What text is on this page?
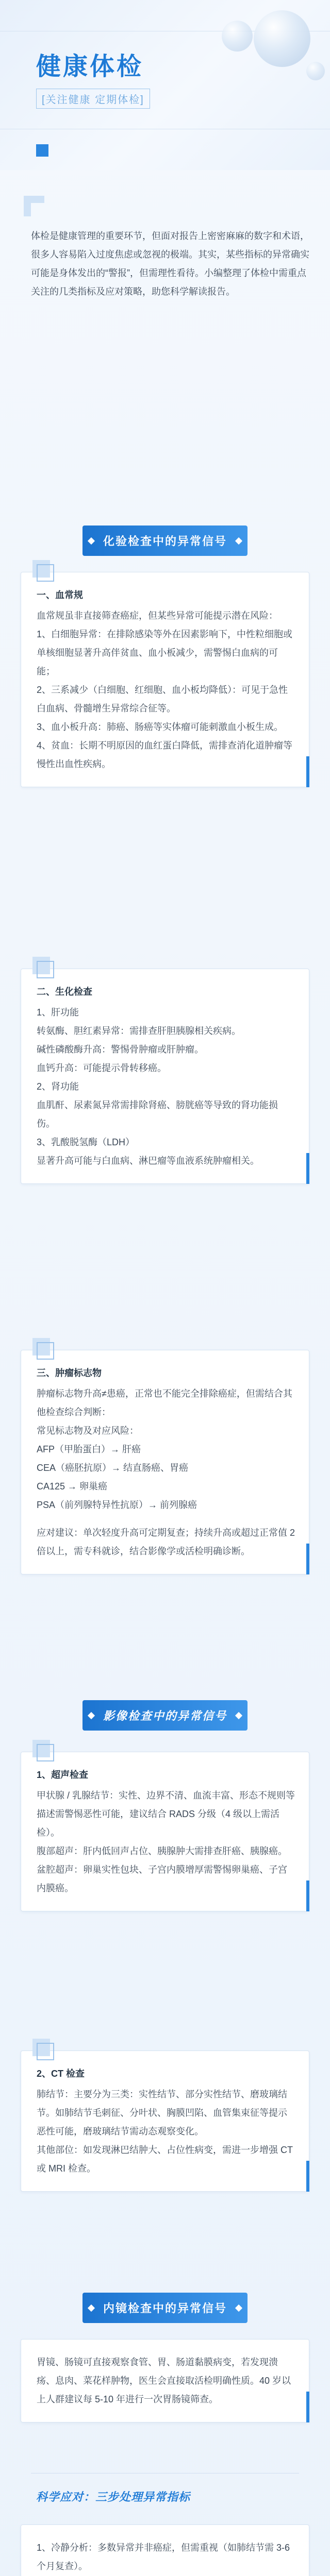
健康体检
[关注健康 定期体检]
体检是健康管理的重要环节，但面对报告上密密麻麻的数字和术语，很多人容易陷入过度焦虑或忽视的极端。其实，某些指标的异常确实可能是身体发出的“警报”，但需理性看待。小编整理了体检中需重点关注的几类指标及应对策略，助您科学解读报告。
化验检查中的异常信号
一、血常规

血常规虽非直接筛查癌症，但某些异常可能提示潜在风险：

1、白细胞异常：在排除感染等外在因素影响下，中性粒细胞或单核细胞显著升高伴贫血、血小板减少，需警惕白血病的可能；

2、三系减少（白细胞、红细胞、血小板均降低）：可见于急性白血病、骨髓增生异常综合征等。

3、血小板升高：肺癌、肠癌等实体瘤可能刺激血小板生成。

4、贫血：长期不明原因的血红蛋白降低，需排查消化道肿瘤等慢性出血性疾病。

二、生化检查

1、肝功能

转氨酶、胆红素异常：需排查肝胆胰腺相关疾病。

碱性磷酸酶升高：警惕骨肿瘤或肝肿瘤。

血钙升高：可能提示骨转移癌。

2、肾功能

血肌酐、尿素氮异常需排除肾癌、膀胱癌等导致的肾功能损伤。

3、乳酸脱氢酶（LDH）

显著升高可能与白血病、淋巴瘤等血液系统肿瘤相关。

三、肿瘤标志物

肿瘤标志物升高≠患癌，正常也不能完全排除癌症，但需结合其他检查综合判断：

常见标志物及对应风险：

AFP（甲胎蛋白）→ 肝癌

CEA（癌胚抗原）→ 结直肠癌、胃癌

CA125 → 卵巢癌

PSA（前列腺特异性抗原）→ 前列腺癌

应对建议：单次轻度升高可定期复查；持续升高或超过正常值 2 倍以上，需专科就诊，结合影像学或活检明确诊断。

影像检查中的异常信号
1、超声检查

甲状腺 / 乳腺结节：实性、边界不清、血流丰富、形态不规则等描述需警惕恶性可能，建议结合 RADS 分级（4 级以上需活检）。

腹部超声：肝内低回声占位、胰腺肿大需排查肝癌、胰腺癌。

盆腔超声：卵巢实性包块、子宫内膜增厚需警惕卵巢癌、子宫内膜癌。

2、CT 检查

肺结节：主要分为三类：实性结节、部分实性结节、磨玻璃结节。如肺结节毛刺征、分叶状、胸膜凹陷、血管集束征等提示恶性可能，磨玻璃结节需动态观察变化。

其他部位：如发现淋巴结肿大、占位性病变，需进一步增强 CT 或 MRI 检查。

内镜检查中的异常信号

胃镜、肠镜可直接观察食管、胃、肠道黏膜病变，若发现溃疡、息肉、菜花样肿物，医生会直接取活检明确性质。40 岁以上人群建议每 5-10 年进行一次胃肠镜筛查。

科学应对：三步处理异常指标

1、冷静分析：多数异常并非癌症，但需重视（如肺结节需 3-6 个月复查）。
